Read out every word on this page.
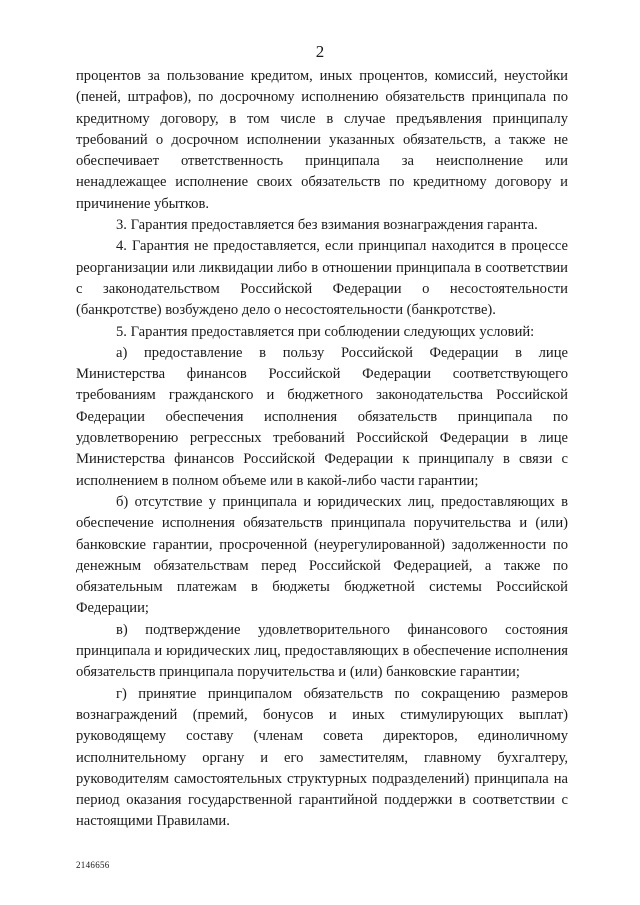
2

процентов за пользование кредитом, иных процентов, комиссий, неустойки (пеней, штрафов), по досрочному исполнению обязательств принципала по кредитному договору, в том числе в случае предъявления принципалу требований о досрочном исполнении указанных обязательств, а также не обеспечивает ответственность принципала за неисполнение или ненадлежащее исполнение своих обязательств по кредитному договору и причинение убытков.

3. Гарантия предоставляется без взимания вознаграждения гаранта.

4. Гарантия не предоставляется, если принципал находится в процессе реорганизации или ликвидации либо в отношении принципала в соответствии с законодательством Российской Федерации о несостоятельности (банкротстве) возбуждено дело о несостоятельности (банкротстве).

5. Гарантия предоставляется при соблюдении следующих условий:

а) предоставление в пользу Российской Федерации в лице Министерства финансов Российской Федерации соответствующего требованиям гражданского и бюджетного законодательства Российской Федерации обеспечения исполнения обязательств принципала по удовлетворению регрессных требований Российской Федерации в лице Министерства финансов Российской Федерации к принципалу в связи с исполнением в полном объеме или в какой-либо части гарантии;

б) отсутствие у принципала и юридических лиц, предоставляющих в обеспечение исполнения обязательств принципала поручительства и (или) банковские гарантии, просроченной (неурегулированной) задолженности по денежным обязательствам перед Российской Федерацией, а также по обязательным платежам в бюджеты бюджетной системы Российской Федерации;

в) подтверждение удовлетворительного финансового состояния принципала и юридических лиц, предоставляющих в обеспечение исполнения обязательств принципала поручительства и (или) банковские гарантии;

г) принятие принципалом обязательств по сокращению размеров вознаграждений (премий, бонусов и иных стимулирующих выплат) руководящему составу (членам совета директоров, единоличному исполнительному органу и его заместителям, главному бухгалтеру, руководителям самостоятельных структурных подразделений) принципала на период оказания государственной гарантийной поддержки в соответствии с настоящими Правилами.

2146656
